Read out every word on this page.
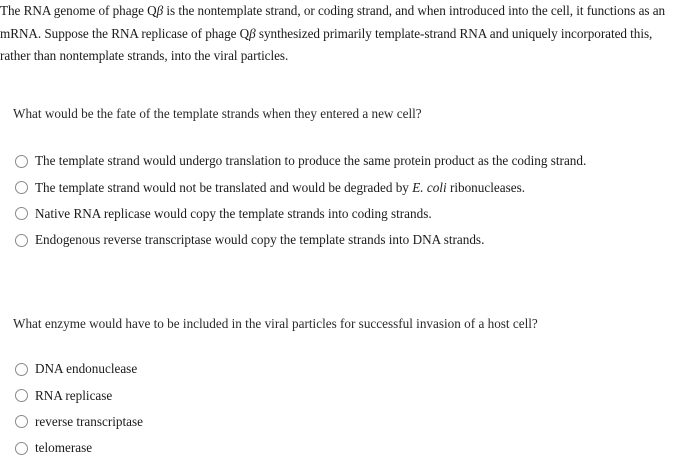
The RNA genome of phage Qβ is the nontemplate strand, or coding strand, and when introduced into the cell, it functions as an

mRNA. Suppose the RNA replicase of phage Qβ synthesized primarily template-strand RNA and uniquely incorporated this,

rather than nontemplate strands, into the viral particles.

What would be the fate of the template strands when they entered a new cell?
The template strand would undergo translation to produce the same protein product as the coding strand.
The template strand would not be translated and would be degraded by E. coli ribonucleases.
Native RNA replicase would copy the template strands into coding strands.
Endogenous reverse transcriptase would copy the template strands into DNA strands.
What enzyme would have to be included in the viral particles for successful invasion of a host cell?
DNA endonuclease
RNA replicase
reverse transcriptase
telomerase
